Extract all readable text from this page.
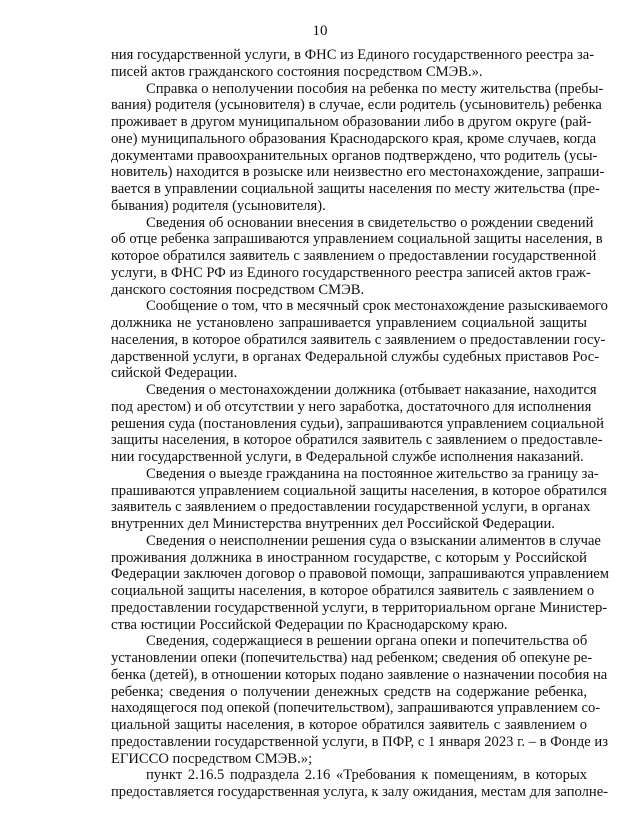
10
ния государственной услуги, в ФНС из Единого государственного реестра за-
писей актов гражданского состояния посредством СМЭВ.».
Справка о неполучении пособия на ребенка по месту жительства (пребы-
вания) родителя (усыновителя) в случае, если родитель (усыновитель) ребенка
проживает в другом муниципальном образовании либо в другом округе (рай-
оне) муниципального образования Краснодарского края, кроме случаев, когда
документами правоохранительных органов подтверждено, что родитель (усы-
новитель) находится в розыске или неизвестно его местонахождение, запраши-
вается в управлении социальной защиты населения по месту жительства (пре-
бывания) родителя (усыновителя).
Сведения об основании внесения в свидетельство о рождении сведений
об отце ребенка запрашиваются управлением социальной защиты населения, в
которое обратился заявитель с заявлением о предоставлении государственной
услуги, в ФНС РФ из Единого государственного реестра записей актов граж-
данского состояния посредством СМЭВ.
Сообщение о том, что в месячный срок местонахождение разыскиваемого
должника не установлено запрашивается управлением социальной защиты
населения, в которое обратился заявитель с заявлением о предоставлении госу-
дарственной услуги, в органах Федеральной службы судебных приставов Рос-
сийской Федерации.
Сведения о местонахождении должника (отбывает наказание, находится
под арестом) и об отсутствии у него заработка, достаточного для исполнения
решения суда (постановления судьи), запрашиваются управлением социальной
защиты населения, в которое обратился заявитель с заявлением о предоставле-
нии государственной услуги, в Федеральной службе исполнения наказаний.
Сведения о выезде гражданина на постоянное жительство за границу за-
прашиваются управлением социальной защиты населения, в которое обратился
заявитель с заявлением о предоставлении государственной услуги, в органах
внутренних дел Министерства внутренних дел Российской Федерации.
Сведения о неисполнении решения суда о взыскании алиментов в случае
проживания должника в иностранном государстве, с которым у Российской
Федерации заключен договор о правовой помощи, запрашиваются управлением
социальной защиты населения, в которое обратился заявитель с заявлением о
предоставлении государственной услуги, в территориальном органе Министер-
ства юстиции Российской Федерации по Краснодарскому краю.
Сведения, содержащиеся в решении органа опеки и попечительства об
установлении опеки (попечительства) над ребенком; сведения об опекуне ре-
бенка (детей), в отношении которых подано заявление о назначении пособия на
ребенка; сведения о получении денежных средств на содержание ребенка,
находящегося под опекой (попечительством), запрашиваются управлением со-
циальной защиты населения, в которое обратился заявитель с заявлением о
предоставлении государственной услуги, в ПФР, с 1 января 2023 г. – в Фонде из
ЕГИССО посредством СМЭВ.»;
пункт 2.16.5 подраздела 2.16 «Требования к помещениям, в которых
предоставляется государственная услуга, к залу ожидания, местам для заполне-
